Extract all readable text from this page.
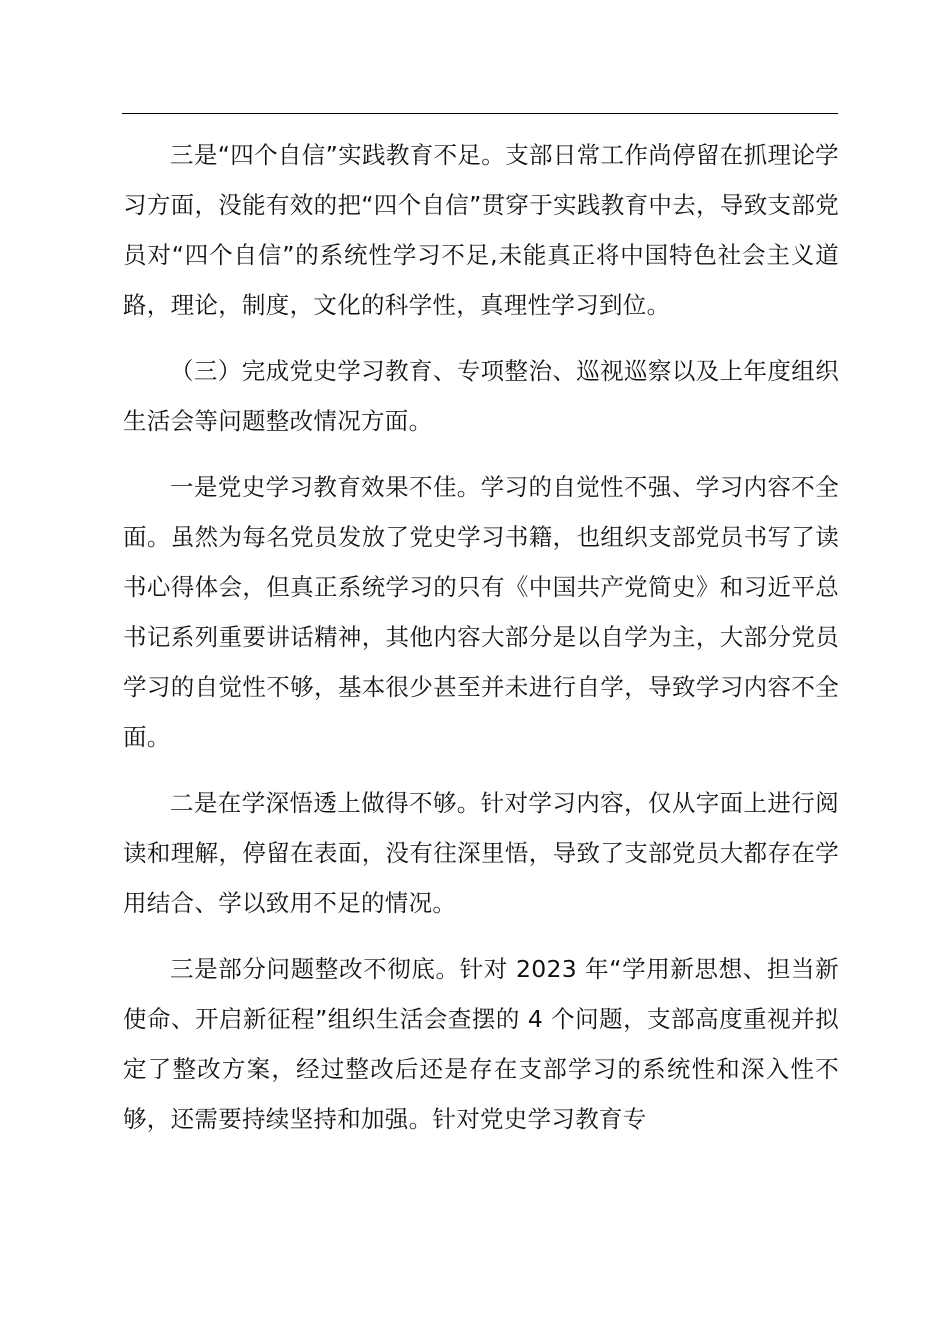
三是“四个自信”实践教育不足。支部日常工作尚停留在抓理论学习方面，没能有效的把“四个自信”贯穿于实践教育中去，导致支部党员对“四个自信”的系统性学习不足,未能真正将中国特色社会主义道路，理论，制度，文化的科学性，真理性学习到位。

（三）完成党史学习教育、专项整治、巡视巡察以及上年度组织生活会等问题整改情况方面。

一是党史学习教育效果不佳。学习的自觉性不强、学习内容不全面。虽然为每名党员发放了党史学习书籍，也组织支部党员书写了读书心得体会，但真正系统学习的只有《中国共产党简史》和习近平总书记系列重要讲话精神，其他内容大部分是以自学为主，大部分党员学习的自觉性不够，基本很少甚至并未进行自学，导致学习内容不全面。

二是在学深悟透上做得不够。针对学习内容，仅从字面上进行阅读和理解，停留在表面，没有往深里悟，导致了支部党员大都存在学用结合、学以致用不足的情况。

三是部分问题整改不彻底。针对 2023 年“学用新思想、担当新使命、开启新征程”组织生活会查摆的 4 个问题，支部高度重视并拟定了整改方案，经过整改后还是存在支部学习的系统性和深入性不够，还需要持续坚持和加强。针对党史学习教育专
